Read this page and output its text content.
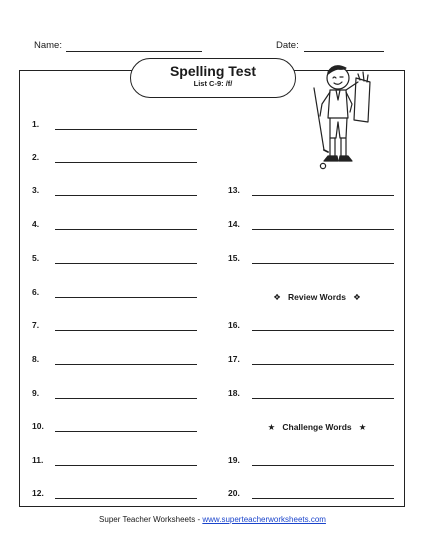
Name:	Date:
Spelling Test
List C-9: /f/
1.
2.
3.
4.
5.
6.
7.
8.
9.
10.
11.
12.
13.
14.
15.
16.
17.
18.
19.
20.
❖ Review Words ❖
★ Challenge Words ★
Super Teacher Worksheets - www.superteacherworksheets.com
